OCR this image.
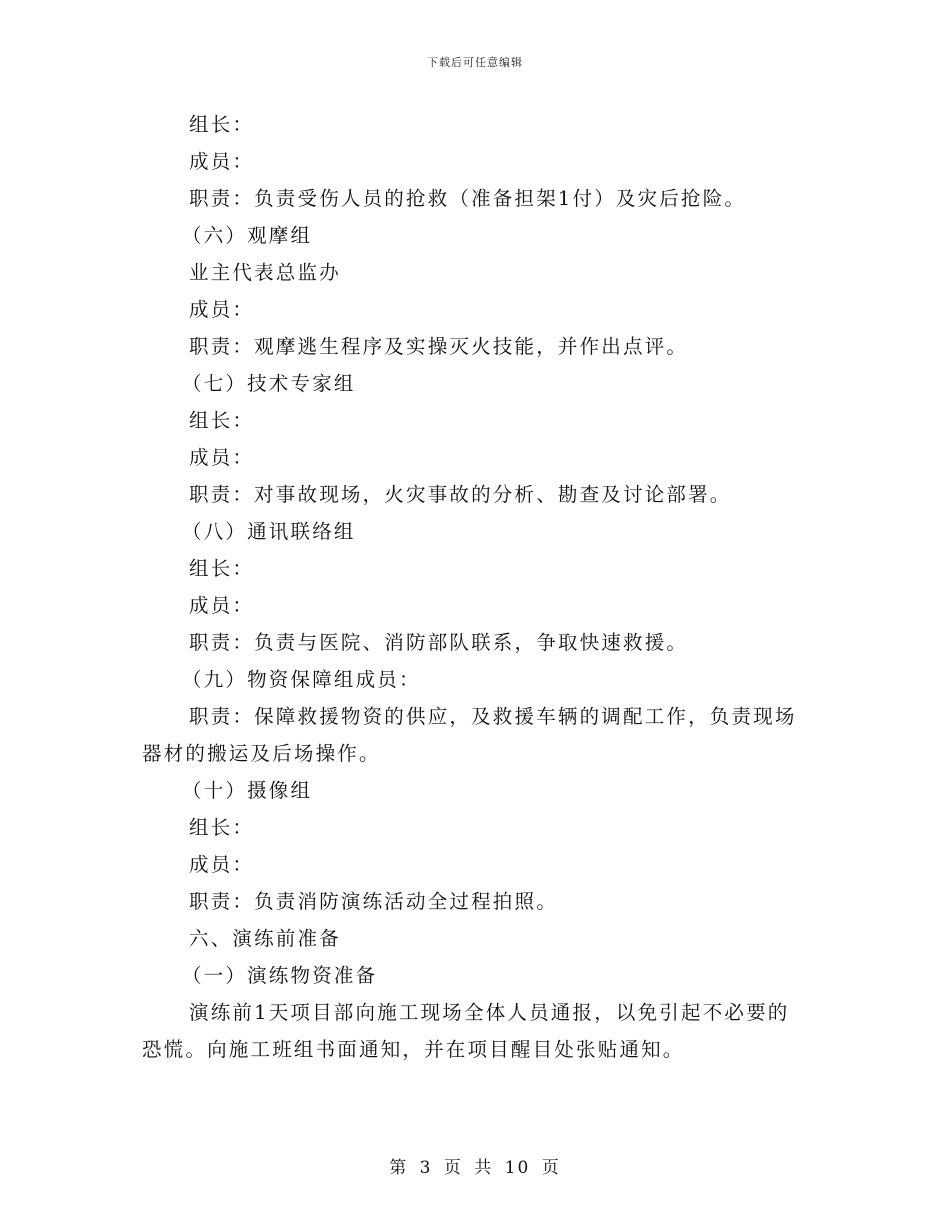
下载后可任意编辑
组长：
成员：
职责：负责受伤人员的抢救（准备担架1付）及灾后抢险。
（六）观摩组
业主代表总监办
成员：
职责：观摩逃生程序及实操灭火技能，并作出点评。
（七）技术专家组
组长：
成员：
职责：对事故现场，火灾事故的分析、勘查及讨论部署。
（八）通讯联络组
组长：
成员：
职责：负责与医院、消防部队联系，争取快速救援。
（九）物资保障组成员：
职责：保障救援物资的供应，及救援车辆的调配工作，负责现场
器材的搬运及后场操作。
（十）摄像组
组长：
成员：
职责：负责消防演练活动全过程拍照。
六、演练前准备
（一）演练物资准备
演练前1天项目部向施工现场全体人员通报，以免引起不必要的
恐慌。向施工班组书面通知，并在项目醒目处张贴通知。
第 3 页 共 10 页
